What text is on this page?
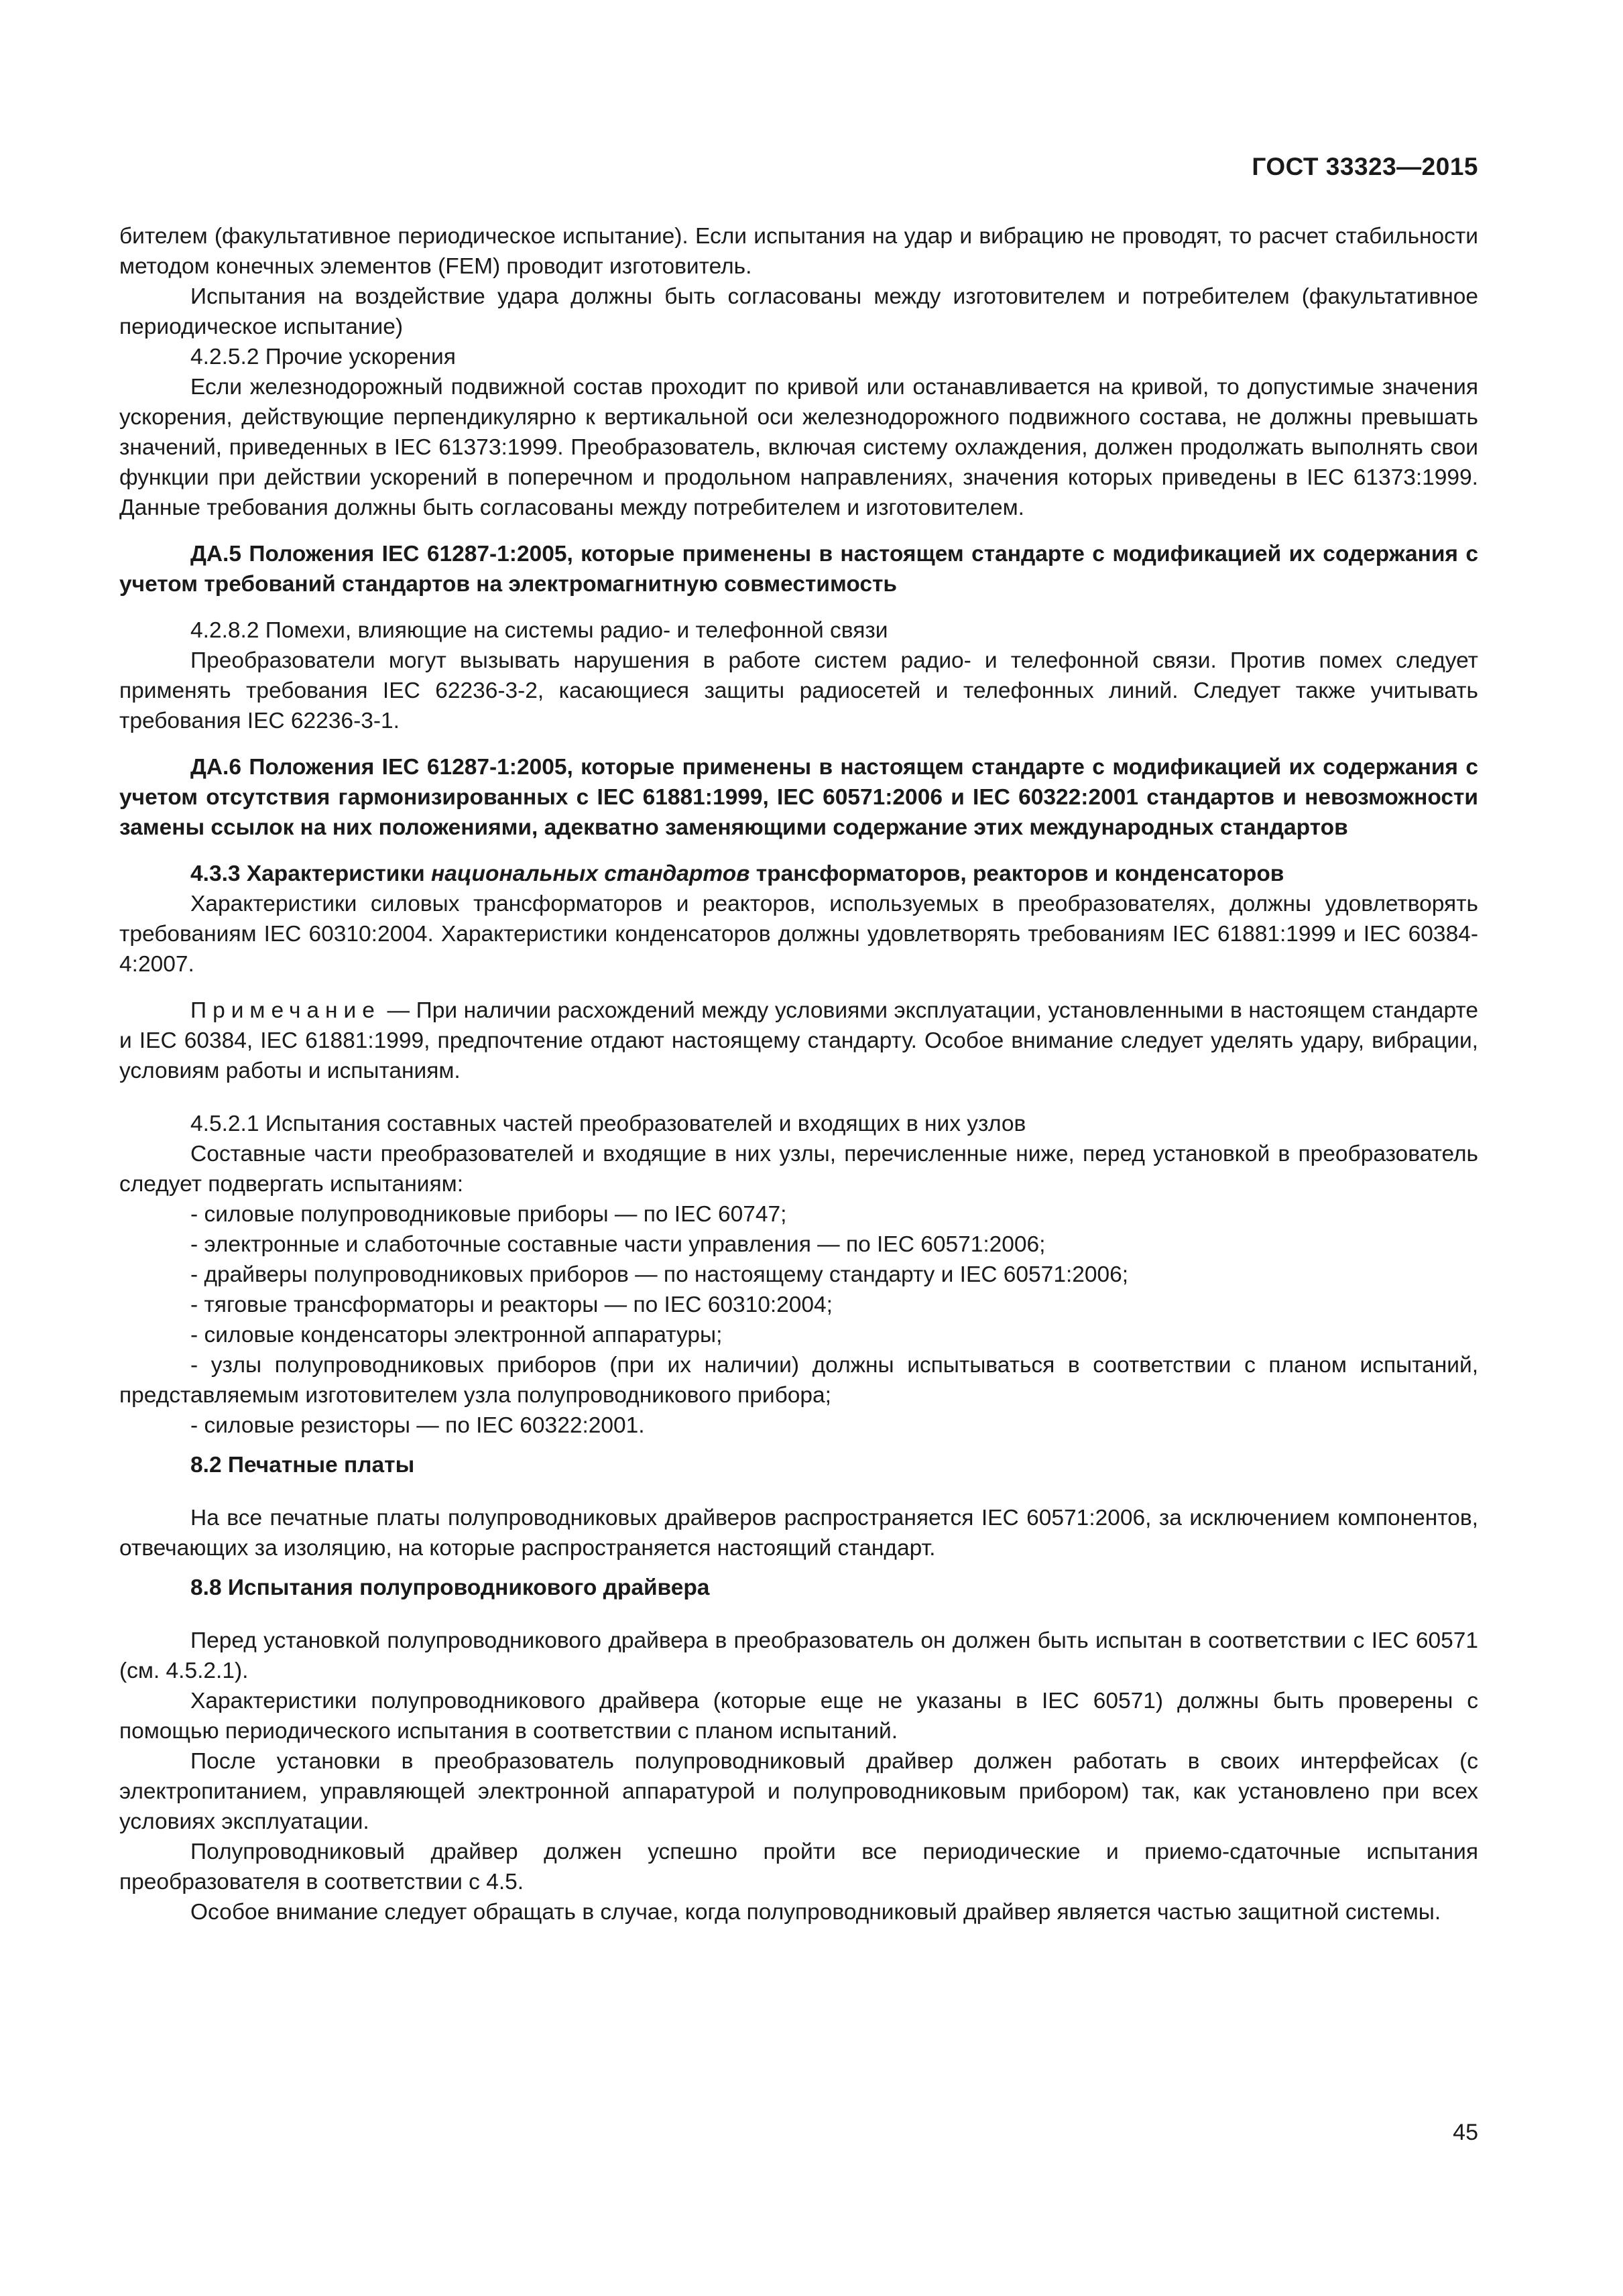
ГОСТ 33323—2015

бителем (факультативное периодическое испытание). Если испытания на удар и вибрацию не проводят, то расчет стабильности методом конечных элементов (FEM) проводит изготовитель.

Испытания на воздействие удара должны быть согласованы между изготовителем и потребителем (факультативное периодическое испытание)

4.2.5.2 Прочие ускорения

Если железнодорожный подвижной состав проходит по кривой или останавливается на кривой, то допустимые значения ускорения, действующие перпендикулярно к вертикальной оси железнодорожного подвижного состава, не должны превышать значений, приведенных в IEC 61373:1999. Преобразователь, включая систему охлаждения, должен продолжать выполнять свои функции при действии ускорений в поперечном и продольном направлениях, значения которых приведены в IEC 61373:1999. Данные требования должны быть согласованы между потребителем и изготовителем.

ДА.5 Положения IEC 61287-1:2005, которые применены в настоящем стандарте с модификацией их содержания с учетом требований стандартов на электромагнитную совместимость

4.2.8.2 Помехи, влияющие на системы радио- и телефонной связи

Преобразователи могут вызывать нарушения в работе систем радио- и телефонной связи. Против помех следует применять требования IEC 62236-3-2, касающиеся защиты радиосетей и телефонных линий. Следует также учитывать требования IEC 62236-3-1.

ДА.6 Положения IEC 61287-1:2005, которые применены в настоящем стандарте с модификацией их содержания с учетом отсутствия гармонизированных с IEC 61881:1999, IEC 60571:2006 и IEC 60322:2001 стандартов и невозможности замены ссылок на них положениями, адекватно заменяющими содержание этих международных стандартов

4.3.3 Характеристики национальных стандартов трансформаторов, реакторов и конденсаторов

Характеристики силовых трансформаторов и реакторов, используемых в преобразователях, должны удовлетворять требованиям IEC 60310:2004. Характеристики конденсаторов должны удовлетворять требованиям IEC 61881:1999 и IEC 60384-4:2007.

Примечание — При наличии расхождений между условиями эксплуатации, установленными в настоящем стандарте и IEC 60384, IEC 61881:1999, предпочтение отдают настоящему стандарту. Особое внимание следует уделять удару, вибрации, условиям работы и испытаниям.

4.5.2.1 Испытания составных частей преобразователей и входящих в них узлов

Составные части преобразователей и входящие в них узлы, перечисленные ниже, перед установкой в преобразователь следует подвергать испытаниям:

- силовые полупроводниковые приборы — по IEC 60747;

- электронные и слаботочные составные части управления — по IEC 60571:2006;

- драйверы полупроводниковых приборов — по настоящему стандарту и IEC 60571:2006;

- тяговые трансформаторы и реакторы — по IEC 60310:2004;

- силовые конденсаторы электронной аппаратуры;

- узлы полупроводниковых приборов (при их наличии) должны испытываться в соответствии с планом испытаний, представляемым изготовителем узла полупроводникового прибора;

- силовые резисторы — по IEC 60322:2001.

8.2 Печатные платы

На все печатные платы полупроводниковых драйверов распространяется IEC 60571:2006, за исключением компонентов, отвечающих за изоляцию, на которые распространяется настоящий стандарт.

8.8 Испытания полупроводникового драйвера

Перед установкой полупроводникового драйвера в преобразователь он должен быть испытан в соответствии с IEC 60571 (см. 4.5.2.1).

Характеристики полупроводникового драйвера (которые еще не указаны в IEC 60571) должны быть проверены с помощью периодического испытания в соответствии с планом испытаний.

После установки в преобразователь полупроводниковый драйвер должен работать в своих интерфейсах (с электропитанием, управляющей электронной аппаратурой и полупроводниковым прибором) так, как установлено при всех условиях эксплуатации.

Полупроводниковый драйвер должен успешно пройти все периодические и приемо-сдаточные испытания преобразователя в соответствии с 4.5.

Особое внимание следует обращать в случае, когда полупроводниковый драйвер является частью защитной системы.

45
